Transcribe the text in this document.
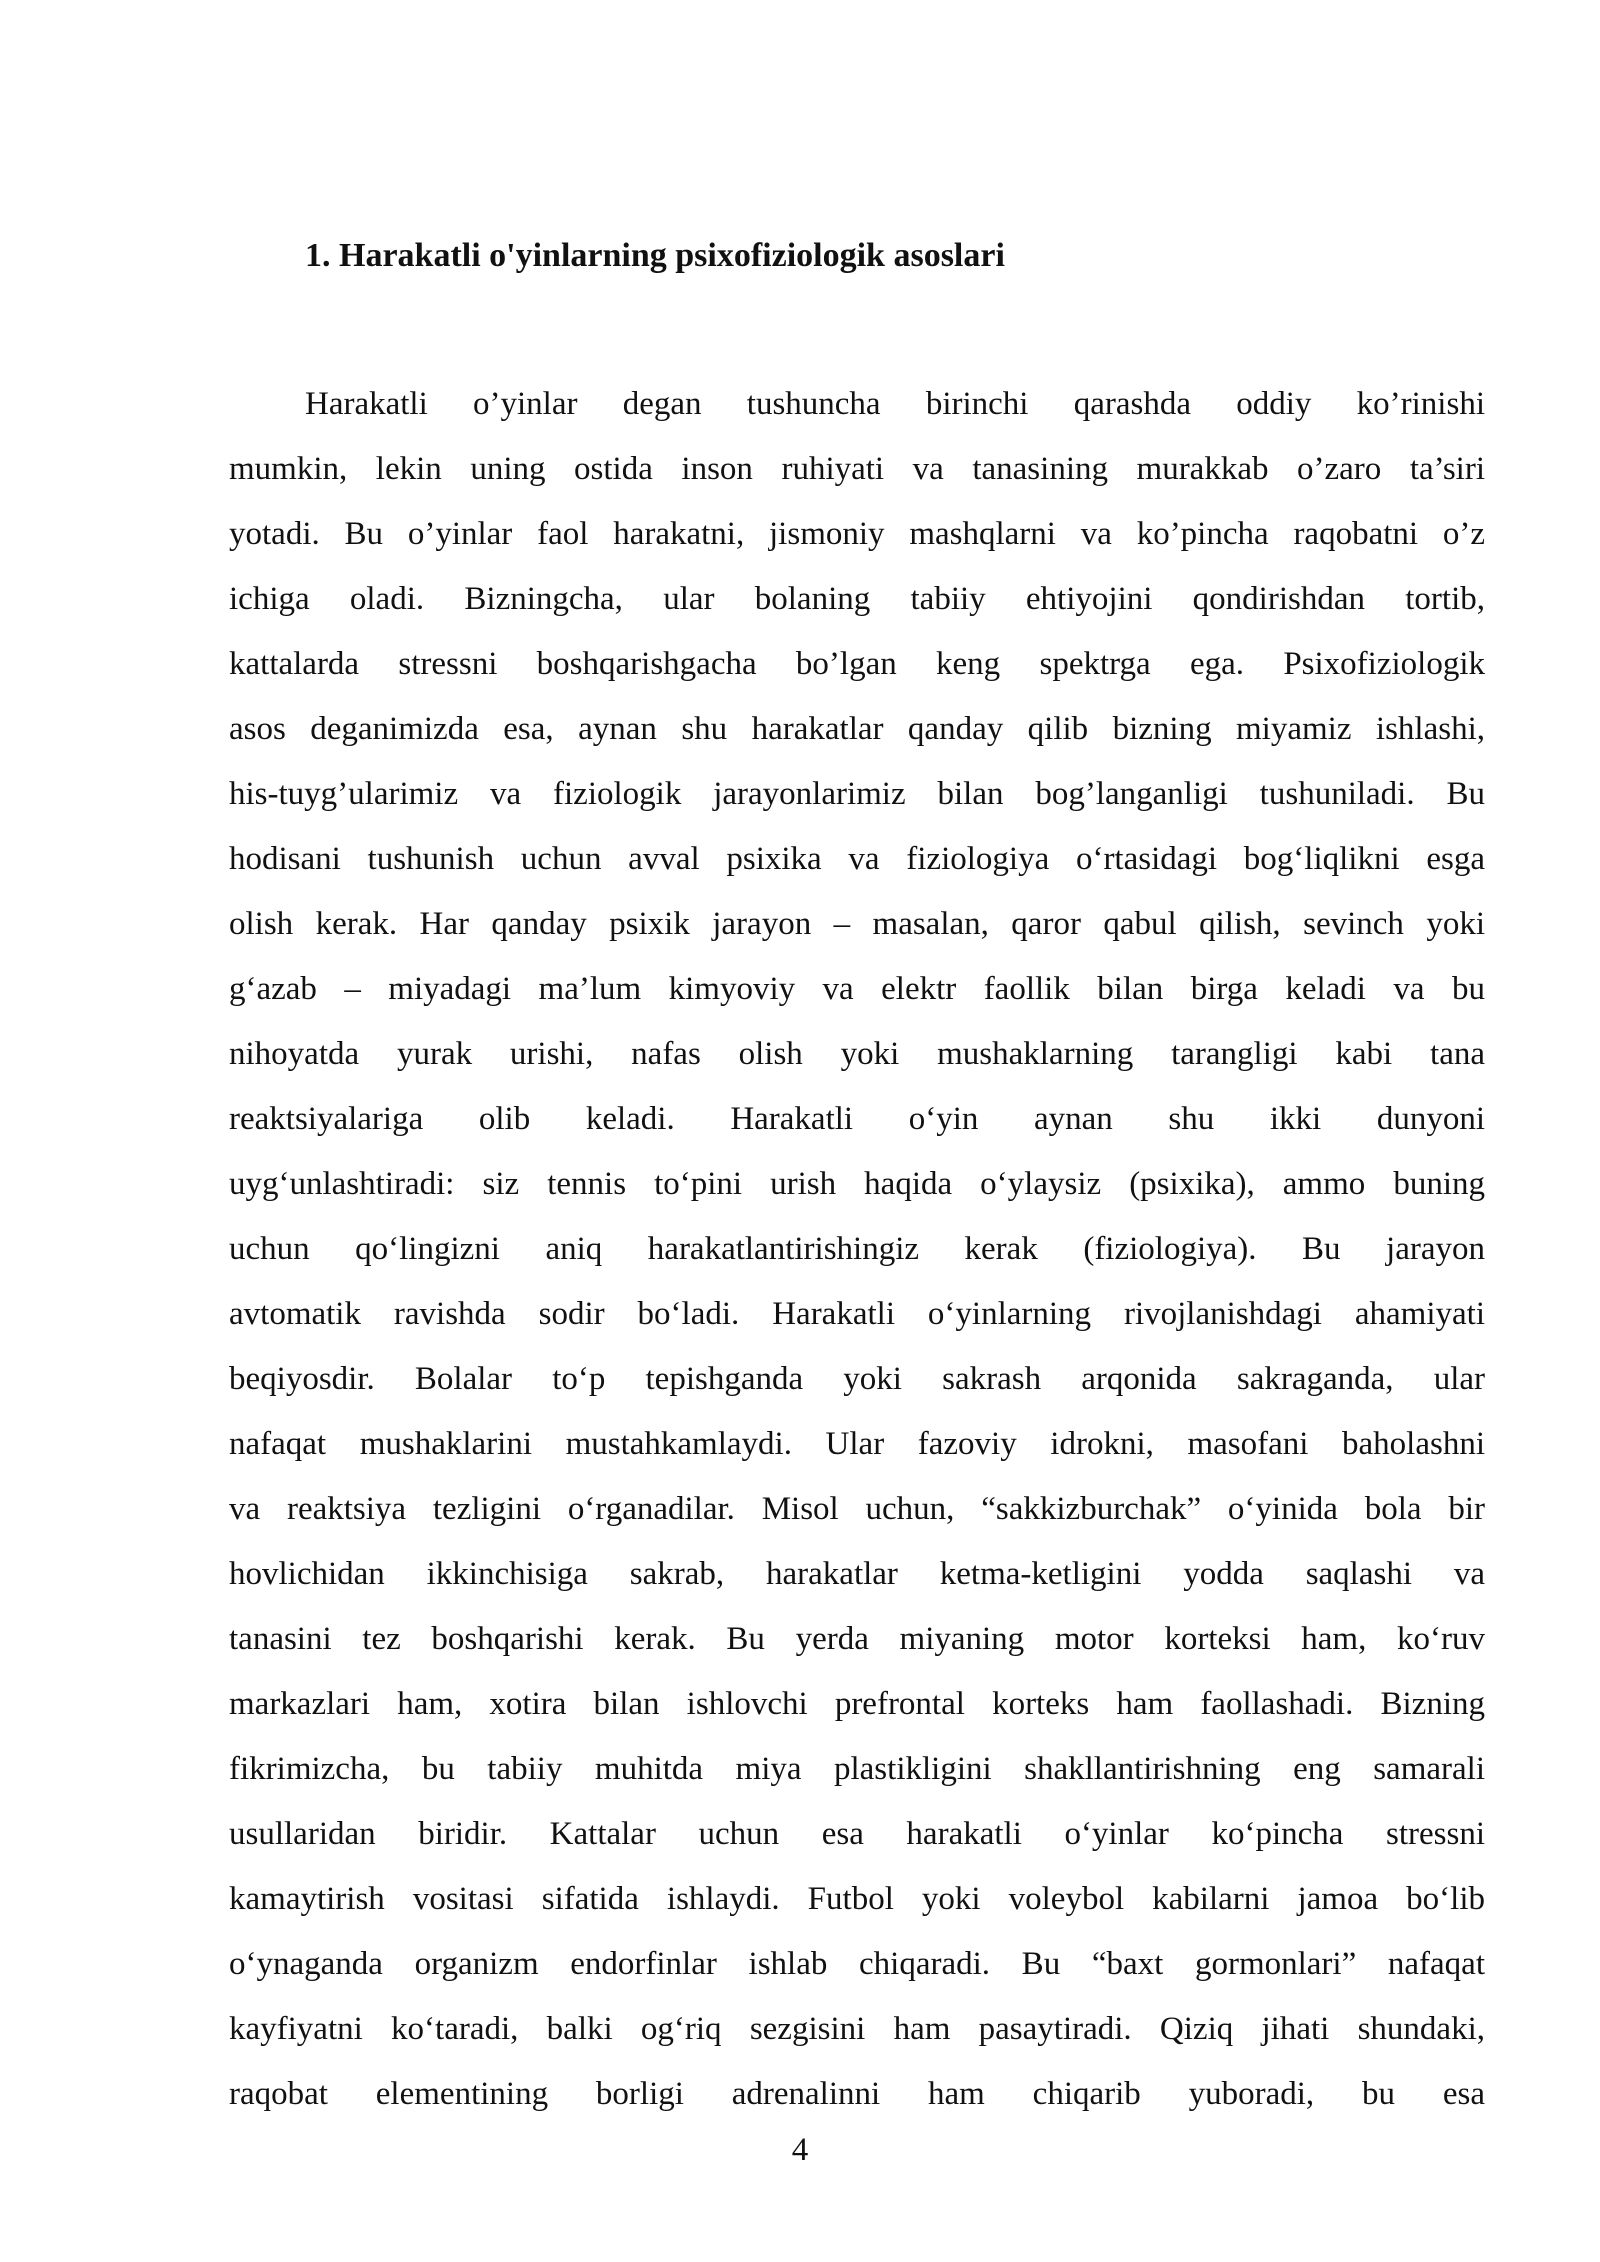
1. Harakatli o'yinlarning psixofiziologik asoslari
Harakatli o’yinlar degan tushuncha birinchi qarashda oddiy ko’rinishi
mumkin, lekin uning ostida inson ruhiyati va tanasining murakkab o’zaro ta’siri
yotadi. Bu o’yinlar faol harakatni, jismoniy mashqlarni va ko’pincha raqobatni o’z
ichiga oladi. Bizningcha, ular bolaning tabiiy ehtiyojini qondirishdan tortib,
kattalarda stressni boshqarishgacha bo’lgan keng spektrga ega. Psixofiziologik
asos deganimizda esa, aynan shu harakatlar qanday qilib bizning miyamiz ishlashi,
his-tuyg’ularimiz va fiziologik jarayonlarimiz bilan bog’langanligi tushuniladi. Bu
hodisani tushunish uchun avval psixika va fiziologiya o‘rtasidagi bog‘liqlikni esga
olish kerak. Har qanday psixik jarayon – masalan, qaror qabul qilish, sevinch yoki
g‘azab – miyadagi ma’lum kimyoviy va elektr faollik bilan birga keladi va bu
nihoyatda yurak urishi, nafas olish yoki mushaklarning tarangligi kabi tana
reaktsiyalariga olib keladi. Harakatli o‘yin aynan shu ikki dunyoni
uyg‘unlashtiradi: siz tennis to‘pini urish haqida o‘ylaysiz (psixika), ammo buning
uchun qo‘lingizni aniq harakatlantirishingiz kerak (fiziologiya). Bu jarayon
avtomatik ravishda sodir bo‘ladi. Harakatli o‘yinlarning rivojlanishdagi ahamiyati
beqiyosdir. Bolalar to‘p tepishganda yoki sakrash arqonida sakraganda, ular
nafaqat mushaklarini mustahkamlaydi. Ular fazoviy idrokni, masofani baholashni
va reaktsiya tezligini o‘rganadilar. Misol uchun, “sakkizburchak” o‘yinida bola bir
hovlichidan ikkinchisiga sakrab, harakatlar ketma-ketligini yodda saqlashi va
tanasini tez boshqarishi kerak. Bu yerda miyaning motor korteksi ham, ko‘ruv
markazlari ham, xotira bilan ishlovchi prefrontal korteks ham faollashadi. Bizning
fikrimizcha, bu tabiiy muhitda miya plastikligini shakllantirishning eng samarali
usullaridan biridir. Kattalar uchun esa harakatli o‘yinlar ko‘pincha stressni
kamaytirish vositasi sifatida ishlaydi. Futbol yoki voleybol kabilarni jamoa bo‘lib
o‘ynaganda organizm endorfinlar ishlab chiqaradi. Bu “baxt gormonlari” nafaqat
kayfiyatni ko‘taradi, balki og‘riq sezgisini ham pasaytiradi. Qiziq jihati shundaki,
raqobat elementining borligi adrenalinni ham chiqarib yuboradi, bu esa

4
